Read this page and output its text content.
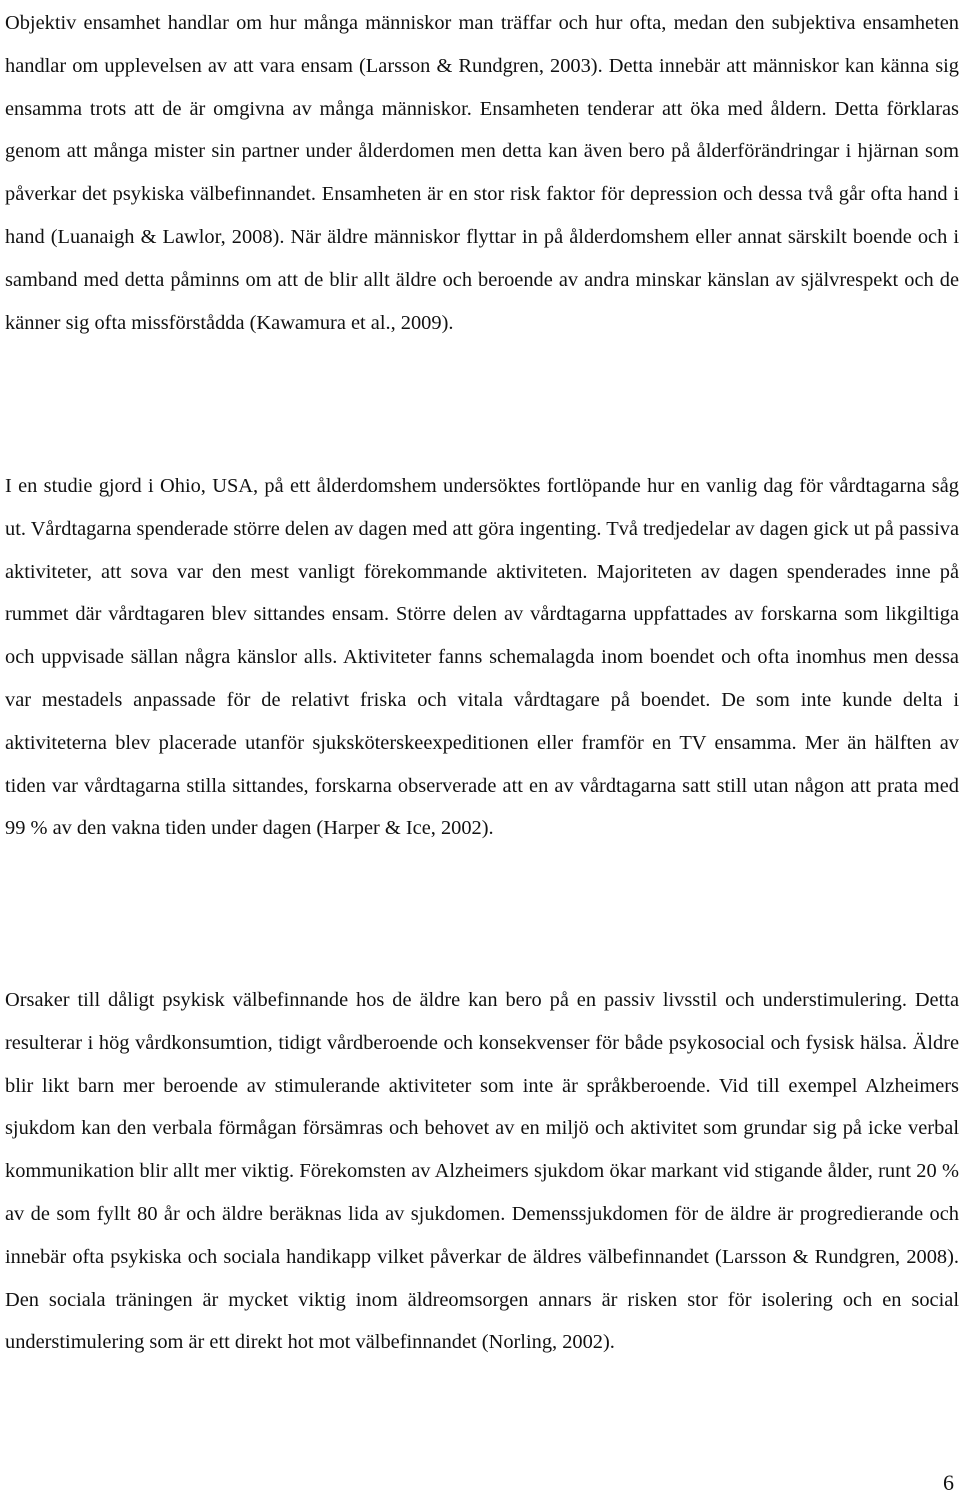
Objektiv ensamhet handlar om hur många människor man träffar och hur ofta, medan den subjektiva ensamheten handlar om upplevelsen av att vara ensam (Larsson & Rundgren, 2003). Detta innebär att människor kan känna sig ensamma trots att de är omgivna av många människor. Ensamheten tenderar att öka med åldern. Detta förklaras genom att många mister sin partner under ålderdomen men detta kan även bero på ålderförändringar i hjärnan som påverkar det psykiska välbefinnandet. Ensamheten är en stor risk faktor för depression och dessa två går ofta hand i hand (Luanaigh & Lawlor, 2008). När äldre människor flyttar in på ålderdomshem eller annat särskilt boende och i samband med detta påminns om att de blir allt äldre och beroende av andra minskar känslan av självrespekt och de känner sig ofta missförstådda (Kawamura et al., 2009).

I en studie gjord i Ohio, USA, på ett ålderdomshem undersöktes fortlöpande hur en vanlig dag för vårdtagarna såg ut. Vårdtagarna spenderade större delen av dagen med att göra ingenting. Två tredjedelar av dagen gick ut på passiva aktiviteter, att sova var den mest vanligt förekommande aktiviteten. Majoriteten av dagen spenderades inne på rummet där vårdtagaren blev sittandes ensam. Större delen av vårdtagarna uppfattades av forskarna som likgiltiga och uppvisade sällan några känslor alls. Aktiviteter fanns schemalagda inom boendet och ofta inomhus men dessa var mestadels anpassade för de relativt friska och vitala vårdtagare på boendet. De som inte kunde delta i aktiviteterna blev placerade utanför sjuksköterskeexpeditionen eller framför en TV ensamma. Mer än hälften av tiden var vårdtagarna stilla sittandes, forskarna observerade att en av vårdtagarna satt still utan någon att prata med 99 % av den vakna tiden under dagen (Harper & Ice, 2002).

Orsaker till dåligt psykisk välbefinnande hos de äldre kan bero på en passiv livsstil och understimulering. Detta resulterar i hög vårdkonsumtion, tidigt vårdberoende och konsekvenser för både psykosocial och fysisk hälsa. Äldre blir likt barn mer beroende av stimulerande aktiviteter som inte är språkberoende. Vid till exempel Alzheimers sjukdom kan den verbala förmågan försämras och behovet av en miljö och aktivitet som grundar sig på icke verbal kommunikation blir allt mer viktig. Förekomsten av Alzheimers sjukdom ökar markant vid stigande ålder, runt 20 % av de som fyllt 80 år och äldre beräknas lida av sjukdomen. Demenssjukdomen för de äldre är progredierande och innebär ofta psykiska och sociala handikapp vilket påverkar de äldres välbefinnandet (Larsson & Rundgren, 2008). Den sociala träningen är mycket viktig inom äldreomsorgen annars är risken stor för isolering och en social understimulering som är ett direkt hot mot välbefinnandet (Norling, 2002).

6
